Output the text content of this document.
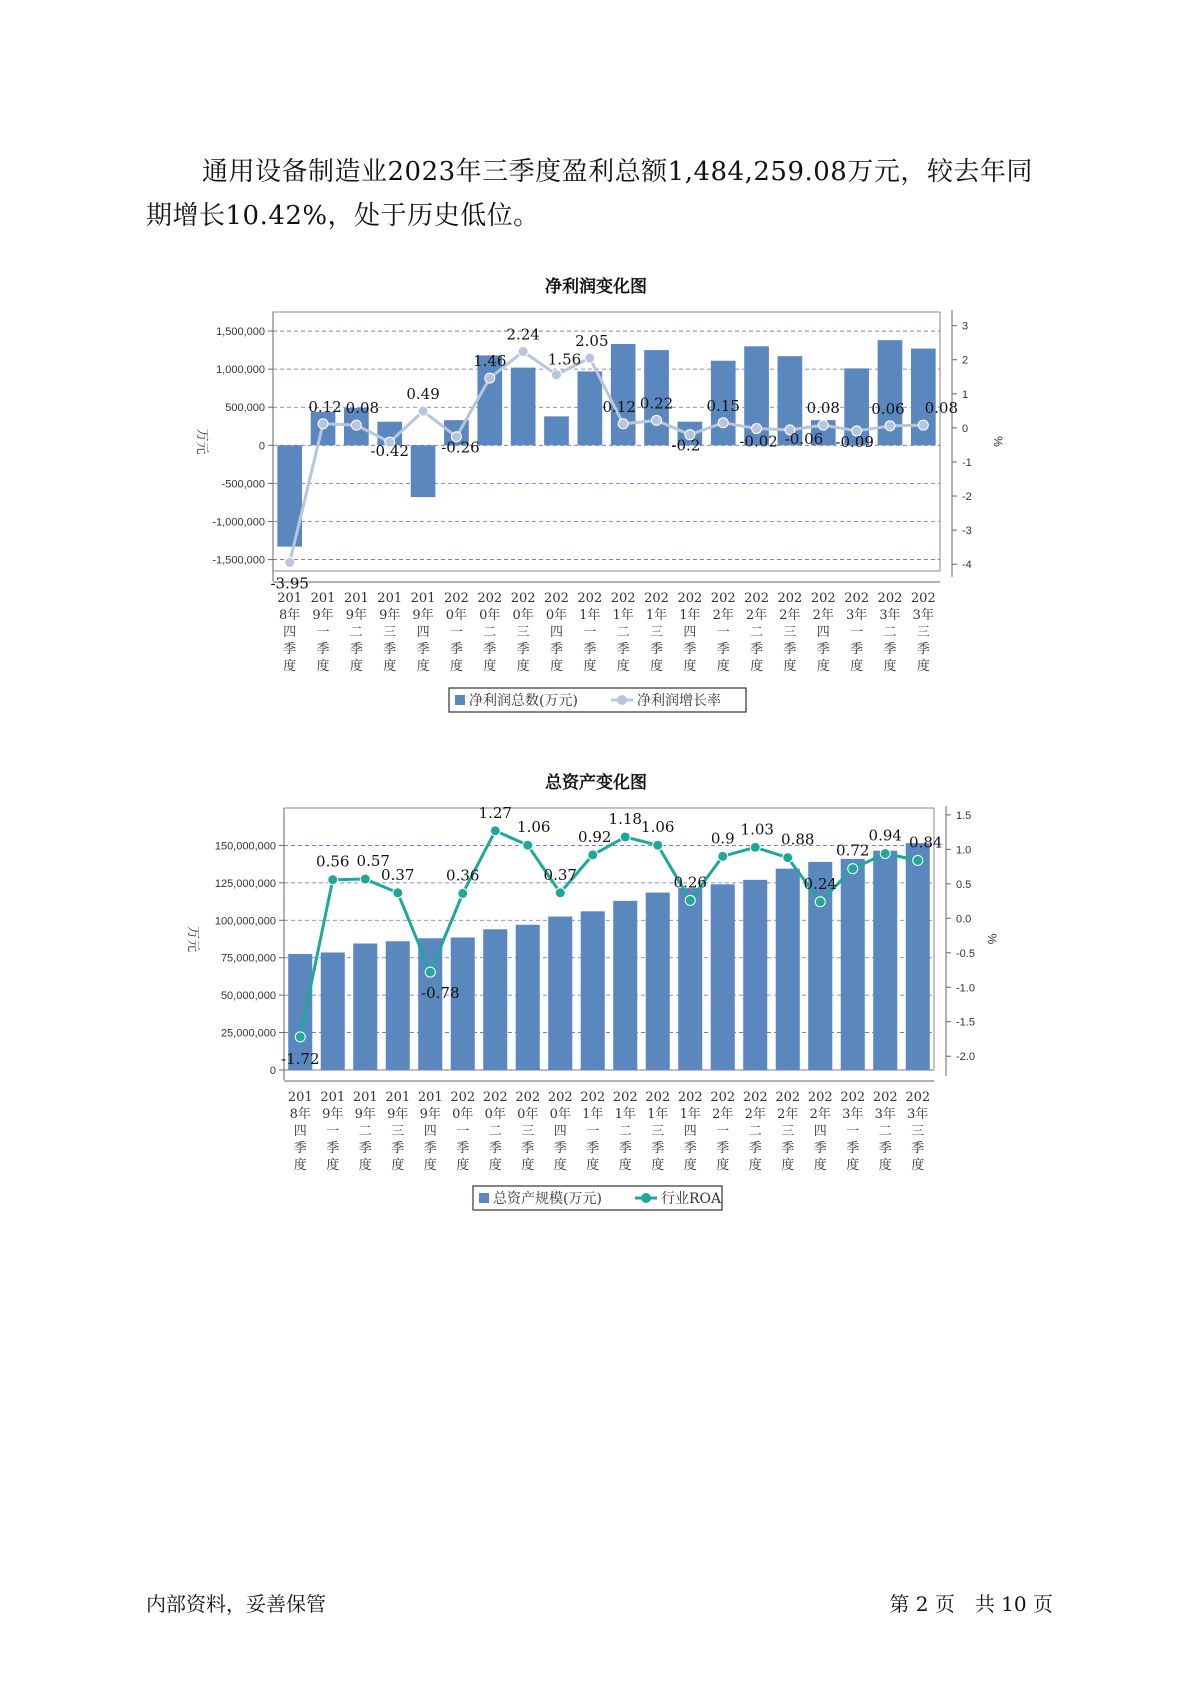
通用设备制造业2023年三季度盈利总额1,484,259.08万元，较去年同期增长10.42%，处于历史低位。
净利润变化图
总资产变化图
-1,500,000
-1,000,000
-500,000
0
500,000
1,000,000
1,500,000
万元
-4
-3
-2
-1
0
1
2
3
%
-3.95
0.12 0.08
-0.42
0.49
-0.26
1.46
2.24
1.56
2.05
0.12 0.22
-0.2
0.15
-0.02 -0.06
0.08
-0.09
0.06 0.08
201
8年
四
季
度
201
9年
一
季
度
201
9年
二
季
度
201
9年
三
季
度
201
9年
四
季
度
202
0年
一
季
度
202
0年
二
季
度
202
0年
三
季
度
202
0年
四
季
度
202
1年
一
季
度
202
1年
二
季
度
202
1年
三
季
度
202
1年
四
季
度
202
2年
一
季
度
202
2年
二
季
度
202
2年
三
季
度
202
2年
四
季
度
202
3年
一
季
度
202
3年
二
季
度
202
3年
三
季
度
净利润总数(万元)	净利润增长率
0
25,000,000
50,000,000
75,000,000
100,000,000
125,000,000
150,000,000
万元
-2.0
-1.5
-1.0
-0.5
0.0
0.5
1.0
1.5
%
-1.72
0.56 0.57
0.37
-0.78
0.36
1.27
1.06
0.37
0.92
1.18 1.06
0.26
0.9 1.03
0.88
0.24
0.72
0.94 0.84
201
8年
四
季
度
201
9年
一
季
度
201
9年
二
季
度
201
9年
三
季
度
201
9年
四
季
度
202
0年
一
季
度
202
0年
二
季
度
202
0年
三
季
度
202
0年
四
季
度
202
1年
一
季
度
202
1年
二
季
度
202
1年
三
季
度
202
1年
四
季
度
202
2年
一
季
度
202
2年
二
季
度
202
2年
三
季
度
202
2年
四
季
度
202
3年
一
季
度
202
3年
二
季
度
202
3年
三
季
度
总资产规模(万元)	行业ROA
内部资料，妥善保管	第 2 页　共 10 页
